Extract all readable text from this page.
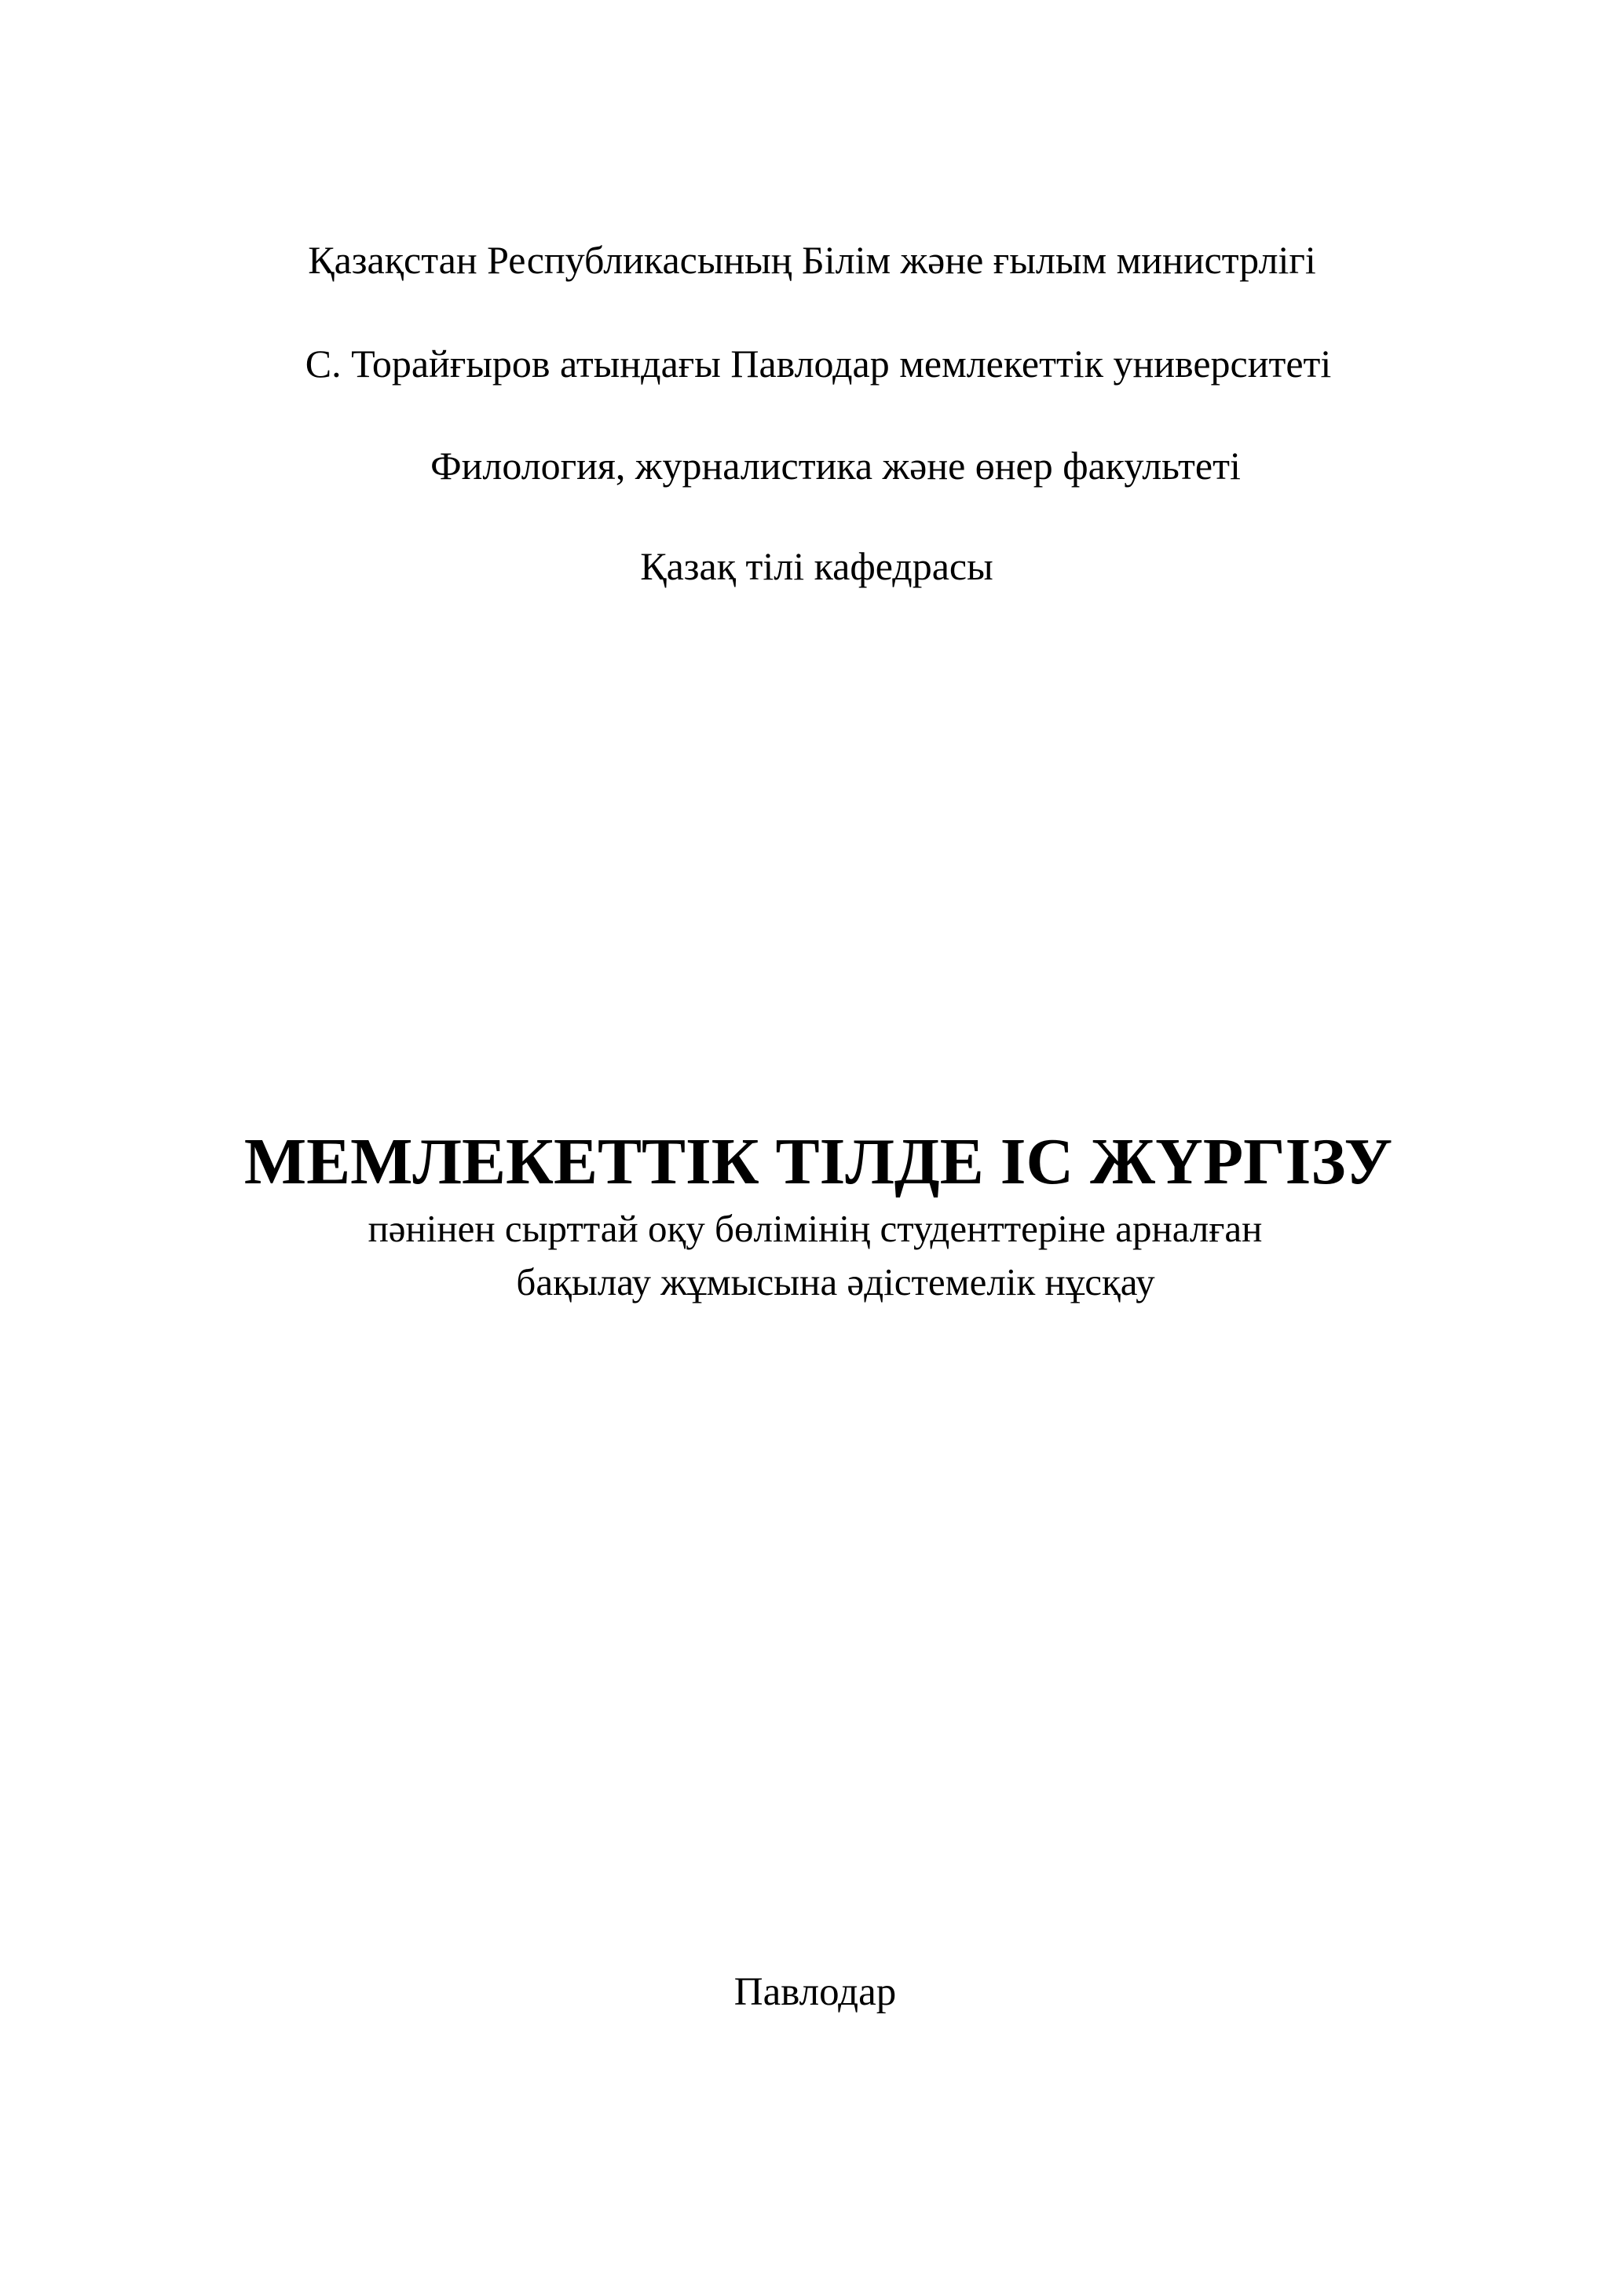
Қазақстан Республикасының Білім және ғылым министрлігі
С. Торайғыров атындағы Павлодар мемлекеттік университеті
Филология, журналистика және өнер факультеті
Қазақ тілі кафедрасы
МЕМЛЕКЕТТІК ТІЛДЕ ІС ЖҮРГІЗУ
пәнінен сырттай оқу бөлімінің студенттеріне арналған
бақылау жұмысына әдістемелік нұсқау
Павлодар
